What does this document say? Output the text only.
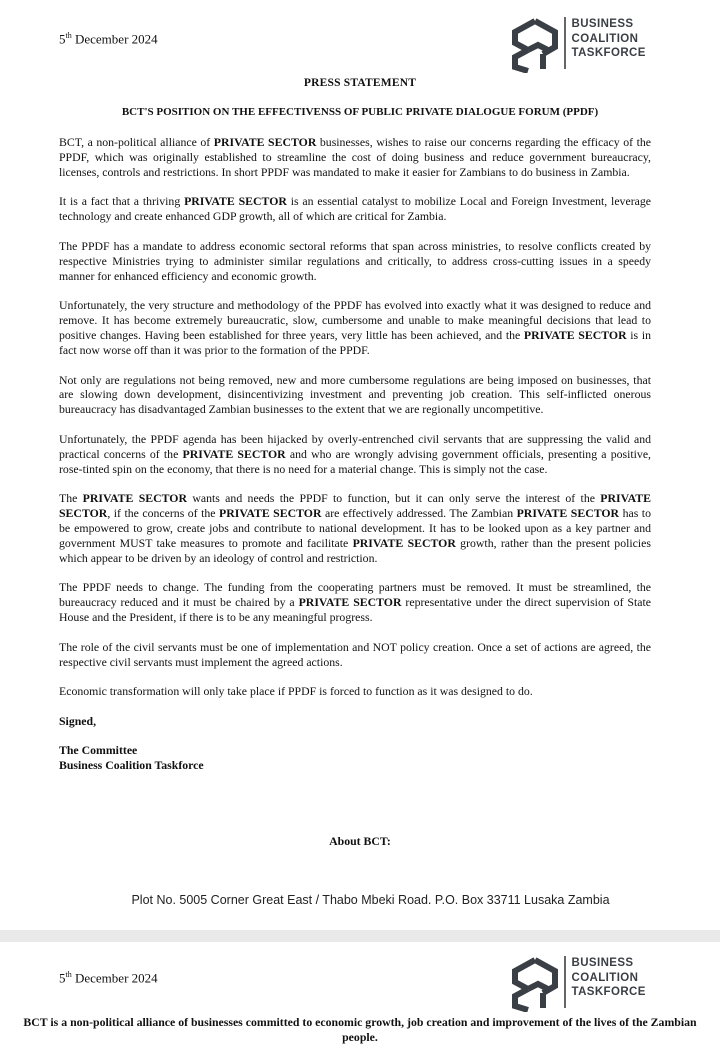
5th December 2024
BUSINESS
COALITION
TASKFORCE
PRESS STATEMENT
BCT'S POSITION ON THE EFFECTIVENSS OF PUBLIC PRIVATE DIALOGUE FORUM (PPDF)

BCT, a non-political alliance of PRIVATE SECTOR businesses, wishes to raise our concerns regarding the efficacy of the PPDF, which was originally established to streamline the cost of doing business and reduce government bureaucracy, licenses, controls and restrictions. In short PPDF was mandated to make it easier for Zambians to do business in Zambia.

It is a fact that a thriving PRIVATE SECTOR is an essential catalyst to mobilize Local and Foreign Investment, leverage technology and create enhanced GDP growth, all of which are critical for Zambia.

The PPDF has a mandate to address economic sectoral reforms that span across ministries, to resolve conflicts created by respective Ministries trying to administer similar regulations and critically, to address cross-cutting issues in a speedy manner for enhanced efficiency and economic growth.

Unfortunately, the very structure and methodology of the PPDF has evolved into exactly what it was designed to reduce and remove. It has become extremely bureaucratic, slow, cumbersome and unable to make meaningful decisions that lead to positive changes. Having been established for three years, very little has been achieved, and the PRIVATE SECTOR is in fact now worse off than it was prior to the formation of the PPDF.

Not only are regulations not being removed, new and more cumbersome regulations are being imposed on businesses, that are slowing down development, disincentivizing investment and preventing job creation. This self-inflicted onerous bureaucracy has disadvantaged Zambian businesses to the extent that we are regionally uncompetitive.

Unfortunately, the PPDF agenda has been hijacked by overly-entrenched civil servants that are suppressing the valid and practical concerns of the PRIVATE SECTOR and who are wrongly advising government officials, presenting a positive, rose-tinted spin on the economy, that there is no need for a material change. This is simply not the case.

The PRIVATE SECTOR wants and needs the PPDF to function, but it can only serve the interest of the PRIVATE SECTOR, if the concerns of the PRIVATE SECTOR are effectively addressed. The Zambian PRIVATE SECTOR has to be empowered to grow, create jobs and contribute to national development. It has to be looked upon as a key partner and government MUST take measures to promote and facilitate PRIVATE SECTOR growth, rather than the present policies which appear to be driven by an ideology of control and restriction.

The PPDF needs to change. The funding from the cooperating partners must be removed. It must be streamlined, the bureaucracy reduced and it must be chaired by a PRIVATE SECTOR representative under the direct supervision of State House and the President, if there is to be any meaningful progress.

The role of the civil servants must be one of implementation and NOT policy creation. Once a set of actions are agreed, the respective civil servants must implement the agreed actions.

Economic transformation will only take place if PPDF is forced to function as it was designed to do.

Signed,
The Committee
Business Coalition Taskforce
About BCT:
Plot No. 5005 Corner Great East / Thabo Mbeki Road. P.O. Box 33711 Lusaka Zambia
5th December 2024
BUSINESS
COALITION
TASKFORCE
BCT is a non-political alliance of businesses committed to economic growth, job creation and improvement of the lives of the Zambian people.
